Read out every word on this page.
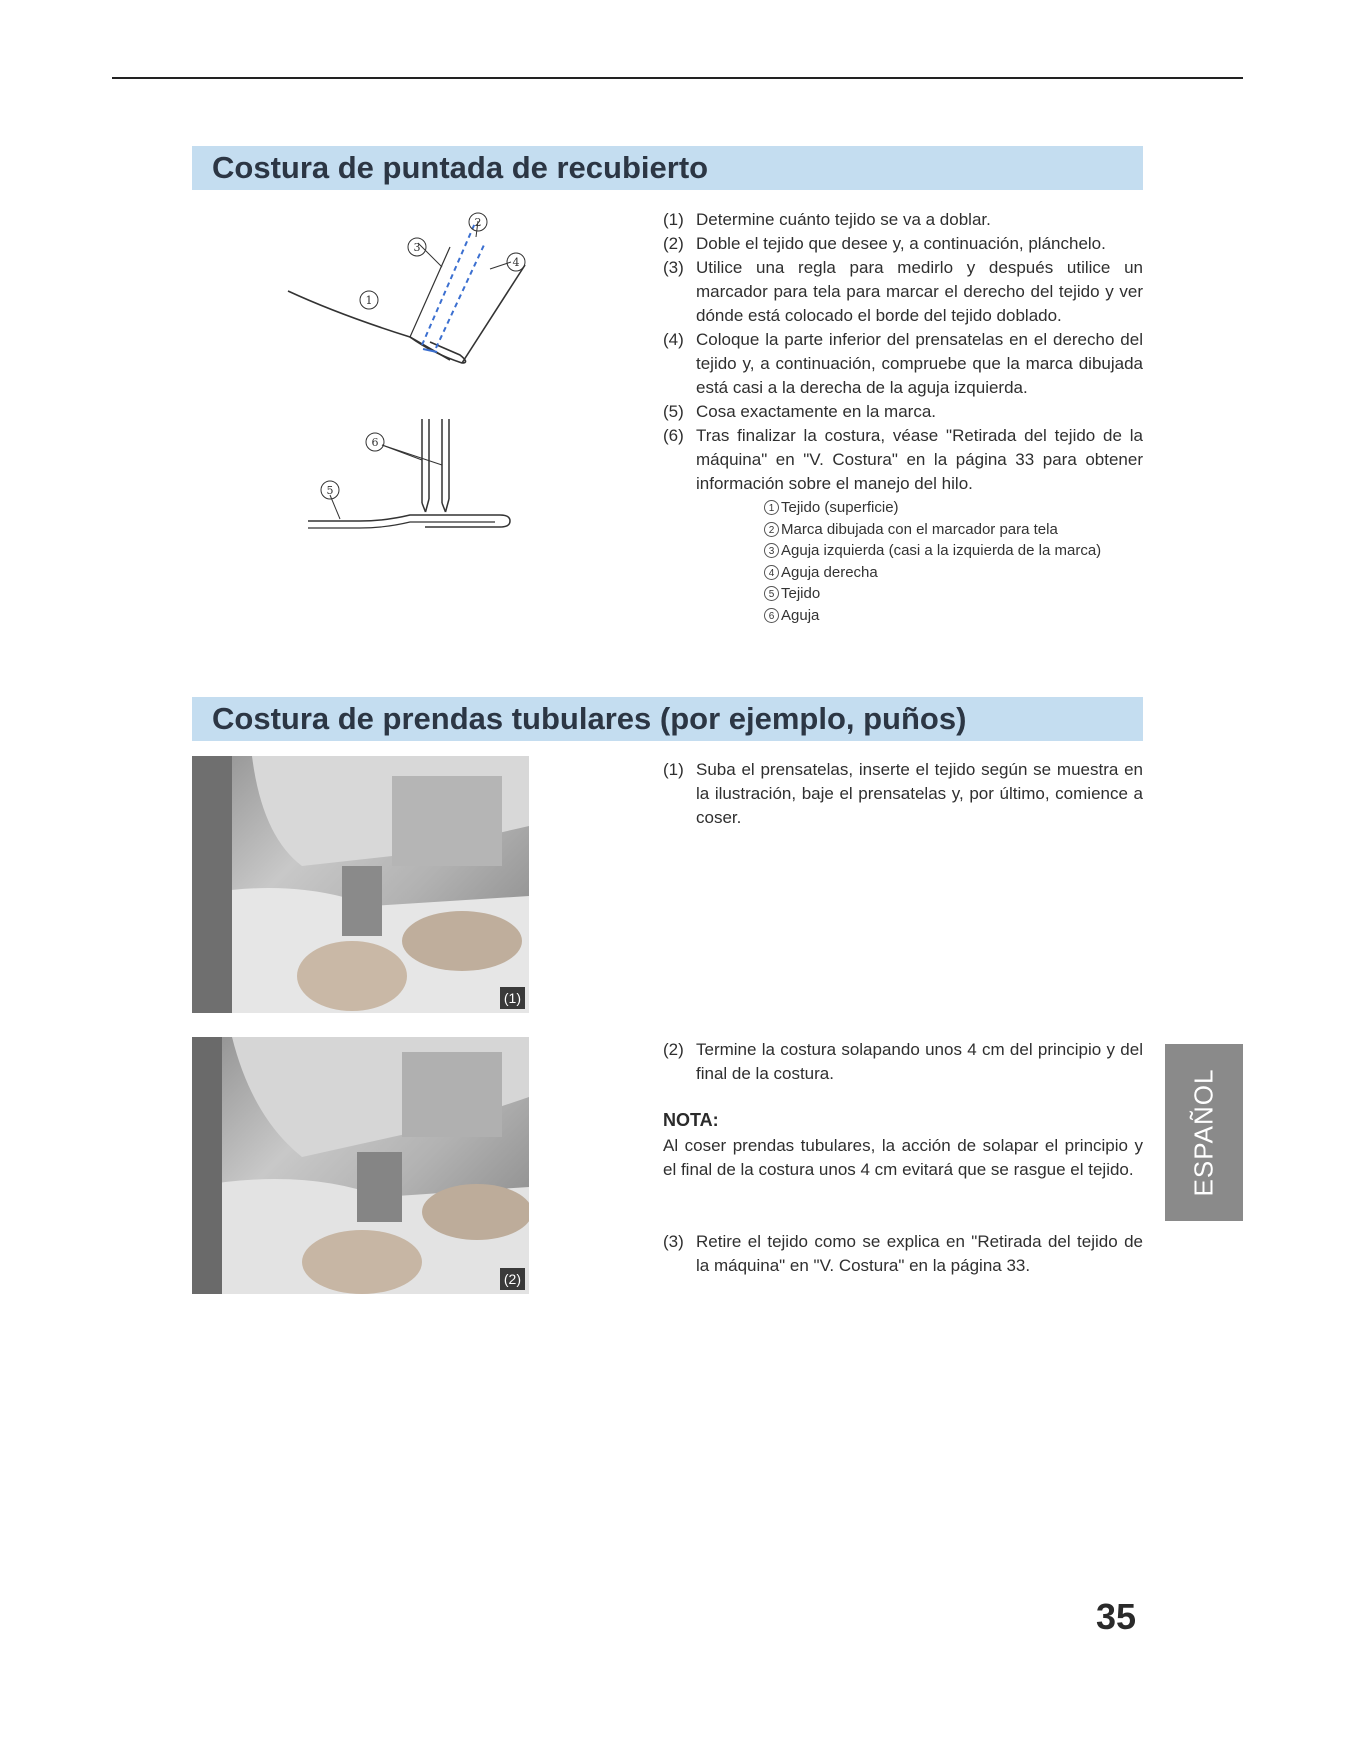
Costura de puntada de recubierto
1
2
3
4
5
6
(1) Determine cuánto tejido se va a doblar.
(2) Doble el tejido que desee y, a continuación, plánchelo.
(3) Utilice una regla para medirlo y después utilice un marcador para tela para marcar el derecho del tejido y ver dónde está colocado el borde del tejido doblado.
(4) Coloque la parte inferior del prensatelas en el derecho del tejido y, a continuación, compruebe que la marca dibujada está casi a la derecha de la aguja izquierda.
(5) Cosa exactamente en la marca.
(6) Tras finalizar la costura, véase "Retirada del tejido de la máquina" en "V. Costura" en la página 33 para obtener información sobre el manejo del hilo.
1 Tejido (superficie)
2 Marca dibujada con el marcador para tela
3 Aguja izquierda (casi a la izquierda de la marca)
4 Aguja derecha
5 Tejido
6 Aguja
Costura de prendas tubulares (por ejemplo, puños)
(1)
(2)
(1) Suba el prensatelas, inserte el tejido según se muestra en la ilustración, baje el prensatelas y, por último, comience a coser.
(2) Termine la costura solapando unos 4 cm del principio y del final de la costura.
NOTA:
Al coser prendas tubulares, la acción de solapar el principio y el final de la costura unos 4 cm evitará que se rasgue el tejido.
(3) Retire el tejido como se explica en "Retirada del tejido de la máquina" en "V. Costura" en la página 33.
ESPAÑOL
35
